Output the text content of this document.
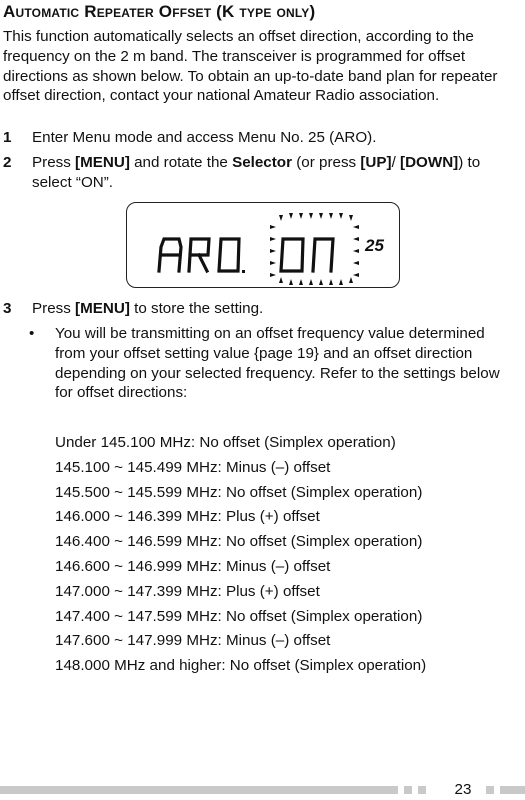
Automatic Repeater Offset (K type only)

This function automatically selects an offset direction, according to the frequency on the 2 m band. The transceiver is programmed for offset directions as shown below. To obtain an up-to-date band plan for repeater offset direction, contact your national Amateur Radio association.

1	Enter Menu mode and access Menu No. 25 (ARO).
2	Press [MENU] and rotate the Selector (or press [UP]/ [DOWN]) to select “ON”.
25
3	Press [MENU] to store the setting.
• You will be transmitting on an offset frequency value determined from your offset setting value {page 19} and an offset direction depending on your selected frequency. Refer to the settings below for offset directions:
Under 145.100 MHz: No offset (Simplex operation)
145.100 ~ 145.499 MHz: Minus (–) offset
145.500 ~ 145.599 MHz: No offset (Simplex operation)
146.000 ~ 146.399 MHz: Plus (+) offset
146.400 ~ 146.599 MHz: No offset (Simplex operation)
146.600 ~ 146.999 MHz: Minus (–) offset
147.000 ~ 147.399 MHz: Plus (+) offset
147.400 ~ 147.599 MHz: No offset (Simplex operation)
147.600 ~ 147.999 MHz: Minus (–) offset
148.000 MHz and higher: No offset (Simplex operation)
23
